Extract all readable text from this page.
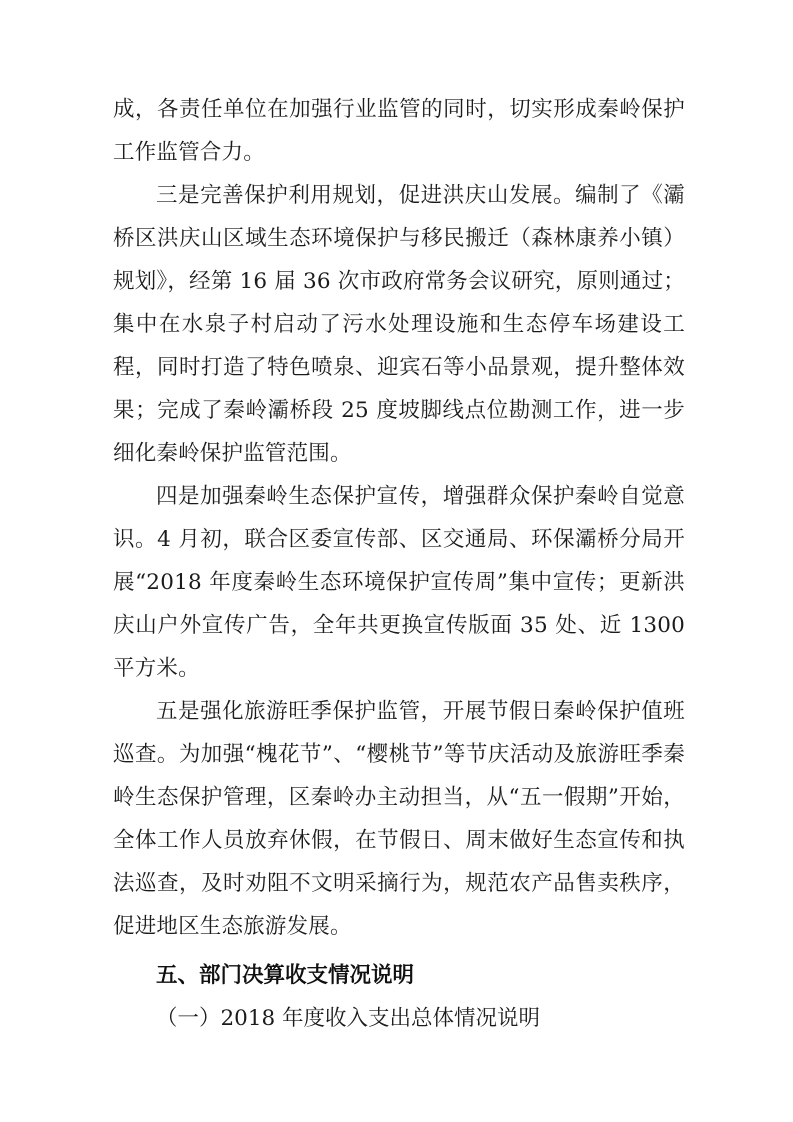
成，各责任单位在加强行业监管的同时，切实形成秦岭保护工作监管合力。

三是完善保护利用规划，促进洪庆山发展。编制了《灞桥区洪庆山区域生态环境保护与移民搬迁（森林康养小镇）规划》，经第 16 届 36 次市政府常务会议研究，原则通过；集中在水泉子村启动了污水处理设施和生态停车场建设工程，同时打造了特色喷泉、迎宾石等小品景观，提升整体效果；完成了秦岭灞桥段 25 度坡脚线点位勘测工作，进一步细化秦岭保护监管范围。

四是加强秦岭生态保护宣传，增强群众保护秦岭自觉意识。4 月初，联合区委宣传部、区交通局、环保灞桥分局开展“2018 年度秦岭生态环境保护宣传周”集中宣传；更新洪庆山户外宣传广告，全年共更换宣传版面 35 处、近 1300 平方米。

五是强化旅游旺季保护监管，开展节假日秦岭保护值班巡查。为加强“槐花节”、“樱桃节”等节庆活动及旅游旺季秦岭生态保护管理，区秦岭办主动担当，从“五一假期”开始，全体工作人员放弃休假，在节假日、周末做好生态宣传和执法巡查，及时劝阻不文明采摘行为，规范农产品售卖秩序，促进地区生态旅游发展。

五、部门决算收支情况说明

（一）2018 年度收入支出总体情况说明
